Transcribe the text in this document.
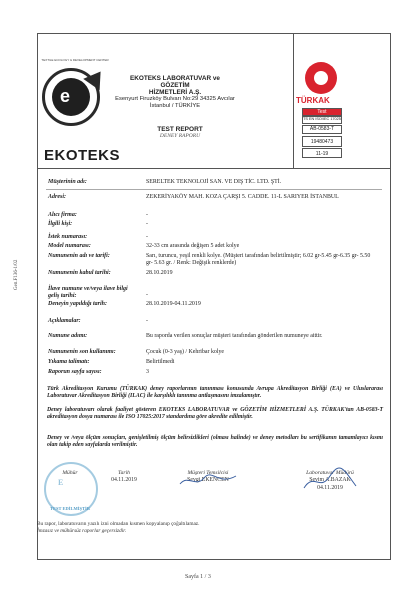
Gen.F136-1/02
TEXTILE ECOLOGY & DEVELOPMENT CENTER
e
EKOTEKS
EKOTEKS LABORATUVAR ve GÖZETİM
HİZMETLERİ A.Ş.
Esenyurt Firuzköy Bulvarı No:29 34325 Avcılar
İstanbul / TÜRKİYE
TEST REPORT
DENEY RAPORU
TÜRKAK
Test
TS EN ISO/IEC 17025
AB-0583-T
19480473
11-19
Müşterinin adı:	SERELTEK TEKNOLOJİ SAN. VE DIŞ TİC. LTD. ŞTİ.
Adresi:	ZEKERİYAKÖY MAH. KOZA ÇARŞI 5. CADDE. 11-L SARIYER İSTANBUL
Alıcı firma:	-
İlgili kişi:	-
İstek numarası:	-
Model numarası:	32-33 cm arasında değişen 5 adet kolye
Numunenin adı ve tarifi:	Sarı, turuncu, yeşil renkli kolye. (Müşteri tarafından belirtilmiştir; 6.02 gr-5.45 gr-6.35 gr- 5.50 gr- 5.63 gr. / Renk: Değişik renklerde)
Numunenin kabul tarihi:	28.10.2019
İlave numune ve/veya ilave bilgi geliş tarihi:	-
Deneyin yapıldığı tarih:	28.10.2019-04.11.2019
Açıklamalar:	-
Numune adımı:	Bu raporda verilen sonuçlar müşteri tarafından gönderilen numuneye aittir.
Numunenin son kullanımı:	Çocuk (0-3 yaş) / Kehribar kolye
Yıkama talimatı:	Belirtilmedi
Raporun sayfa sayısı:	3
Türk Akreditasyon Kurumu (TÜRKAK) deney raporlarının tanınması konusunda Avrupa Akreditasyon Birliği (EA) ve Uluslararası Laboratuvar Akreditasyon Birliği (ILAC) ile karşılıklı tanınma antlaşmasını imzalamıştır.
Deney laboratuvarı olarak faaliyet gösteren EKOTEKS LABORATUVAR ve GÖZETİM HİZMETLERİ A.Ş. TÜRKAK'tan AB-0583-T akreditasyon dosya numarası ile ISO 17025:2017 standardına göre akredite edilmiştir.
Deney ve /veya ölçüm sonuçları, genişletilmiş ölçüm belirsizlikleri (olması halinde) ve deney metodları bu sertifikanın tamamlayıcı kısmı olan takip eden sayfalarda verilmiştir.
E
TEST EDİLMİŞTİR
Mühür	Tarih
04.11.2019
Müşteri Temsilcisi
Sevgi EKENCEN
Laboratuvar Müdürü
Sevim A.BAZAK
04.11.2019
Bu rapor, laboratuvarın yazılı izni olmadan kısmen kopyalanıp çoğaltılamaz.
İmzasız ve mühürsüz raporlar geçersizdir.
Sayfa 1 / 3
